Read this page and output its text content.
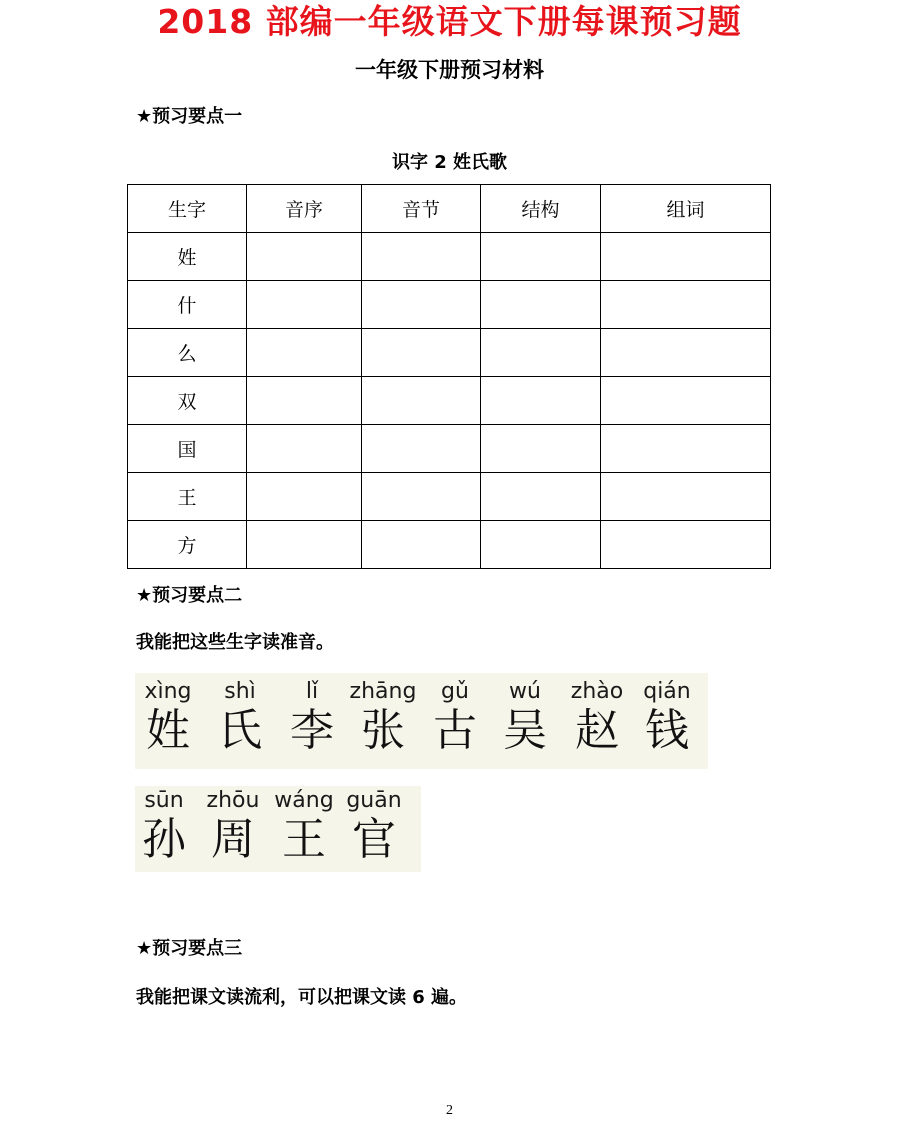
2018 部编一年级语文下册每课预习题
一年级下册预习材料
★预习要点一
识字 2 姓氏歌
生字	音序	音节	结构	组词
姓				
什				
么				
双				
国				
王				
方				
★预习要点二
我能把这些生字读准音。
xìng
姓
shì
氏
lǐ
李
zhāng
张
gǔ
古
wú
吴
zhào
赵
qián
钱
sūn
孙
zhōu
周
wáng
王
guān
官
★预习要点三
我能把课文读流利，可以把课文读 6 遍。
2
